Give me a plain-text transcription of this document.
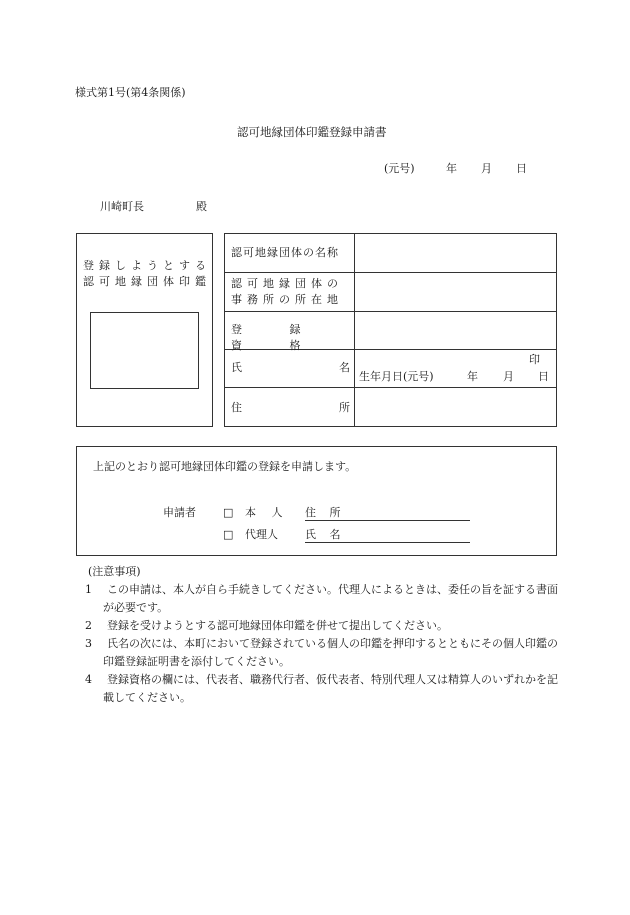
様式第1号(第4条関係)
認可地縁団体印鑑登録申請書
(元号)	年 月 日
川崎町長	殿
登録しようとする
認可地縁団体印鑑
認可地縁団体の名称
認可地縁団体の
事務所の所在地
登 録 資 格
氏	名
印
生年月日(元号)	年 月 日
住	所
上記のとおり認可地縁団体印鑑の登録を申請します。
申請者 □ 本 人 住 所
□ 代理人 氏 名
(注意事項)
1 この申請は、本人が自ら手続きしてください。代理人によるときは、委任の旨を証する書面が必要です。
2 登録を受けようとする認可地縁団体印鑑を併せて提出してください。
3 氏名の次には、本町において登録されている個人の印鑑を押印するとともにその個人印鑑の印鑑登録証明書を添付してください。
4 登録資格の欄には、代表者、職務代行者、仮代表者、特別代理人又は精算人のいずれかを記載してください。
